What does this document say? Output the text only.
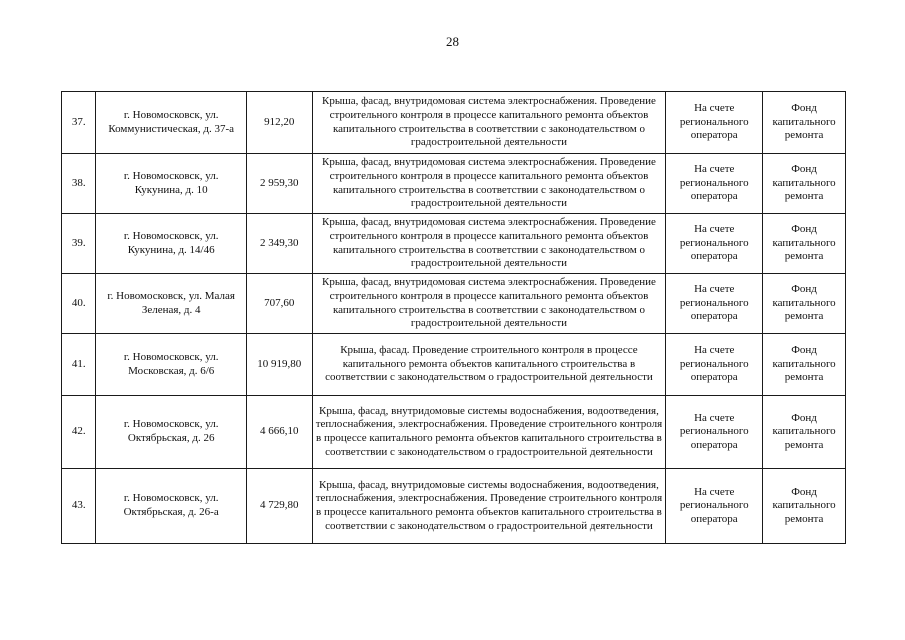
28
37.	г. Новомосковск, ул. Коммунистическая, д. 37-а	912,20	Крыша, фасад, внутридомовая система электроснабжения. Проведение строительного контроля в процессе капитального ремонта объектов капитального строительства в соответствии с законодательством о градостроительной деятельности	На счете регионального оператора	Фонд капитального ремонта
38.	г. Новомосковск, ул. Кукунина, д. 10	2 959,30	Крыша, фасад, внутридомовая система электроснабжения. Проведение строительного контроля в процессе капитального ремонта объектов капитального строительства в соответствии с законодательством о градостроительной деятельности	На счете регионального оператора	Фонд капитального ремонта
39.	г. Новомосковск, ул. Кукунина, д. 14/46	2 349,30	Крыша, фасад, внутридомовая система электроснабжения. Проведение строительного контроля в процессе капитального ремонта объектов капитального строительства в соответствии с законодательством о градостроительной деятельности	На счете регионального оператора	Фонд капитального ремонта
40.	г. Новомосковск, ул. Малая Зеленая, д. 4	707,60	Крыша, фасад, внутридомовая система электроснабжения. Проведение строительного контроля в процессе капитального ремонта объектов капитального строительства в соответствии с законодательством о градостроительной деятельности	На счете регионального оператора	Фонд капитального ремонта
41.	г. Новомосковск, ул. Московская, д. 6/6	10 919,80	Крыша, фасад. Проведение строительного контроля в процессе капитального ремонта объектов капитального строительства в соответствии с законодательством о градостроительной деятельности	На счете регионального оператора	Фонд капитального ремонта
42.	г. Новомосковск, ул. Октябрьская, д. 26	4 666,10	Крыша, фасад, внутридомовые системы водоснабжения, водоотведения, теплоснабжения, электроснабжения. Проведение строительного контроля в процессе капитального ремонта объектов капитального строительства в соответствии с законодательством о градостроительной деятельности	На счете регионального оператора	Фонд капитального ремонта
43.	г. Новомосковск, ул. Октябрьская, д. 26-а	4 729,80	Крыша, фасад, внутридомовые системы водоснабжения, водоотведения, теплоснабжения, электроснабжения. Проведение строительного контроля в процессе капитального ремонта объектов капитального строительства в соответствии с законодательством о градостроительной деятельности	На счете регионального оператора	Фонд капитального ремонта
